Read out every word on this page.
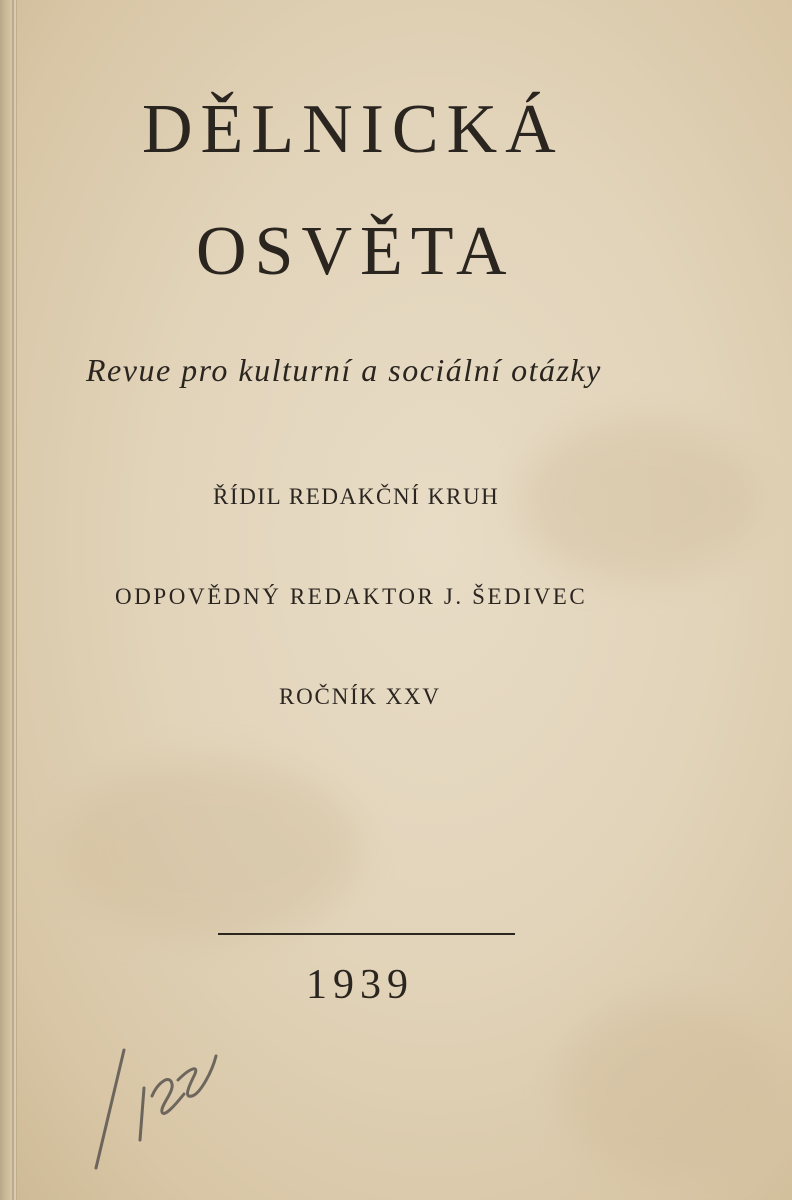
DĚLNICKÁ
OSVĚTA
Revue pro kulturní a sociální otázky
ŘÍDIL REDAKČNÍ KRUH
ODPOVĚDNÝ REDAKTOR J. ŠEDIVEC
ROČNÍK XXV
1939
